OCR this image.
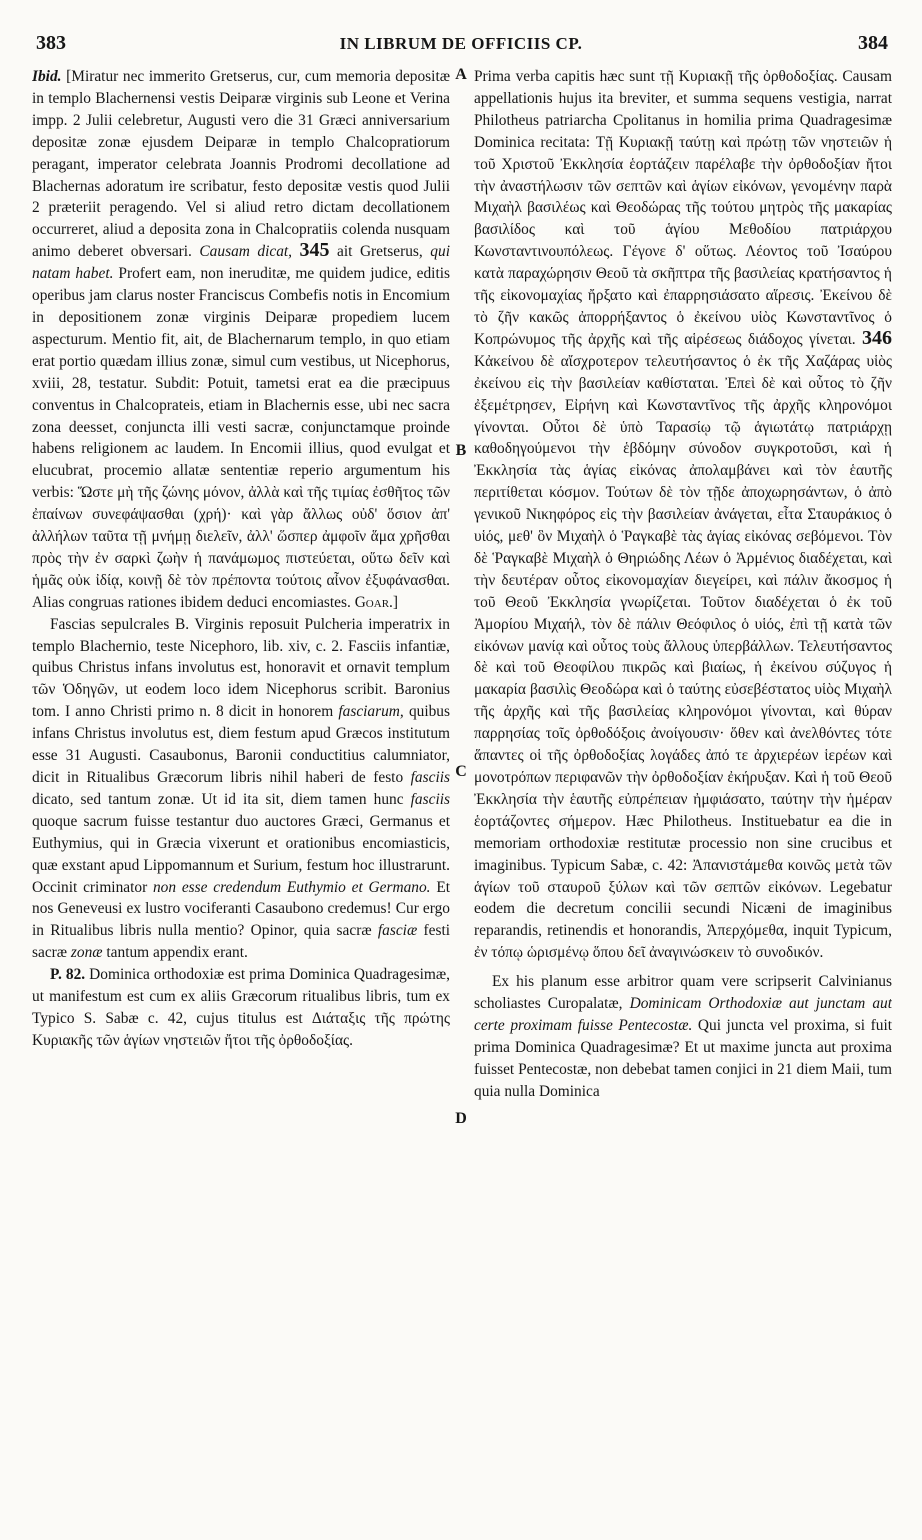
383	IN LIBRUM DE OFFICIIS CP.	384

Ibid. [Miratur nec immerito Gretserus, cur, cum memoria depositæ in templo Blachernensi vestis Deiparæ virginis sub Leone et Verina impp. 2 Julii celebretur, Augusti vero die 31 Græci anniversarium depositæ zonæ ejusdem Deiparæ in templo Chalcopratiorum peragant, imperator celebrata Joannis Prodromi decollatione ad Blachernas adoratum ire scribatur, festo depositæ vestis quod Julii 2 præteriit peragendo. Vel si aliud retro dictam decollationem occurreret, aliud a deposita zona in Chalcopratiis colenda nusquam animo deberet obversari. Causam dicat, 345 ait Gretserus, qui natam habet. Profert eam, non ineruditæ, me quidem judice, editis operibus jam clarus noster Franciscus Combefis notis in Encomium in depositionem zonæ virginis Deiparæ propediem lucem aspecturum. Mentio fit, ait, de Blachernarum templo, in quo etiam erat portio quædam illius zonæ, simul cum vestibus, ut Nicephorus, xviii, 28, testatur. Subdit: Potuit, tametsi erat ea die præcipuus conventus in Chalcoprateis, etiam in Blachernis esse, ubi nec sacra zona deesset, conjuncta illi vesti sacræ, conjunctamque proinde habens religionem ac laudem. In Encomii illius, quod evulgat et elucubrat, procemio allatæ sententiæ reperio argumentum his verbis: Ὥστε μὴ τῆς ζώνης μόνον, ἀλλὰ καὶ τῆς τιμίας ἐσθῆτος τῶν ἐπαίνων συνεφάψασθαι (χρή)· καὶ γὰρ ἄλλως οὐδ' ὅσιον ἀπ' ἀλλήλων ταῦτα τῇ μνήμῃ διελεῖν, ἀλλ' ὥσπερ ἀμφοῖν ἅμα χρῆσθαι πρὸς τὴν ἐν σαρκὶ ζωὴν ἡ πανάμωμος πιστεύεται, οὕτω δεῖν καὶ ἡμᾶς οὐκ ἰδίᾳ, κοινῇ δὲ τὸν πρέποντα τούτοις αἶνον ἐξυφάνασθαι. Alias congruas rationes ibidem deduci encomiastes. Goar.]

Fascias sepulcrales B. Virginis reposuit Pulcheria imperatrix in templo Blachernio, teste Nicephoro, lib. xiv, c. 2. Fasciis infantiæ, quibus Christus infans involutus est, honoravit et ornavit templum τῶν Ὁδηγῶν, ut eodem loco idem Nicephorus scribit. Baronius tom. I anno Christi primo n. 8 dicit in honorem fasciarum, quibus infans Christus involutus est, diem festum apud Græcos institutum esse 31 Augusti. Casaubonus, Baronii conductitius calumniator, dicit in Ritualibus Græcorum libris nihil haberi de festo fasciis dicato, sed tantum zonæ. Ut id ita sit, diem tamen hunc fasciis quoque sacrum fuisse testantur duo auctores Græci, Germanus et Euthymius, qui in Græcia vixerunt et orationibus encomiasticis, quæ exstant apud Lippomannum et Surium, festum hoc illustrarunt. Occinit criminator non esse credendum Euthymio et Germano. Et nos Geneveusi ex lustro vociferanti Casaubono credemus! Cur ergo in Ritualibus libris nulla mentio? Opinor, quia sacræ fasciæ festi sacræ zonæ tantum appendix erant.

P. 82. Dominica orthodoxiæ est prima Dominica Quadragesimæ, ut manifestum est cum ex aliis Græcorum ritualibus libris, tum ex Typico S. Sabæ c. 42, cujus titulus est Διάταξις τῆς πρώτης Κυριακῆς τῶν ἁγίων νηστειῶν ἤτοι τῆς ὀρθοδοξίας.

A
B
C
D

Prima verba capitis hæc sunt τῇ Κυριακῇ τῆς ὀρθοδοξίας. Causam appellationis hujus ita breviter, et summa sequens vestigia, narrat Philotheus patriarcha Cpolitanus in homilia prima Quadragesimæ Dominica recitata: Τῇ Κυριακῇ ταύτῃ καὶ πρώτῃ τῶν νηστειῶν ἡ τοῦ Χριστοῦ Ἐκκλησία ἑορτάζειν παρέλαβε τὴν ὀρθοδοξίαν ἤτοι τὴν ἀναστήλωσιν τῶν σεπτῶν καὶ ἁγίων εἰκόνων, γενομένην παρὰ Μιχαὴλ βασιλέως καὶ Θεοδώρας τῆς τούτου μητρὸς τῆς μακαρίας βασιλίδος καὶ τοῦ ἁγίου Μεθοδίου πατριάρχου Κωνσταντινουπόλεως. Γέγονε δ' οὕτως. Λέοντος τοῦ Ἰσαύρου κατὰ παραχώρησιν Θεοῦ τὰ σκῆπτρα τῆς βασιλείας κρατήσαντος ἡ τῆς εἰκονομαχίας ἤρξατο καὶ ἐπαρρησιάσατο αἵρεσις. Ἐκείνου δὲ τὸ ζῆν κακῶς ἀπορρήξαντος ὁ ἐκείνου υἱὸς Κωνσταντῖνος ὁ Κοπρώνυμος τῆς ἀρχῆς καὶ τῆς αἱρέσεως διάδοχος γίνεται. 346 Κἀκείνου δὲ αἴσχροτερον τελευτήσαντος ὁ ἐκ τῆς Χαζάρας υἱὸς ἐκείνου εἰς τὴν βασιλείαν καθίσταται. Ἐπεὶ δὲ καὶ οὗτος τὸ ζῆν ἐξεμέτρησεν, Εἰρήνη καὶ Κωνσταντῖνος τῆς ἀρχῆς κληρονόμοι γίνονται. Οὗτοι δὲ ὑπὸ Ταρασίῳ τῷ ἁγιωτάτῳ πατριάρχῃ καθοδηγούμενοι τὴν ἑβδόμην σύνοδον συγκροτοῦσι, καὶ ἡ Ἐκκλησία τὰς ἁγίας εἰκόνας ἀπολαμβάνει καὶ τὸν ἑαυτῆς περιτίθεται κόσμον. Τούτων δὲ τὸν τῇδε ἀποχωρησάντων, ὁ ἀπὸ γενικοῦ Νικηφόρος εἰς τὴν βασιλείαν ἀνάγεται, εἶτα Σταυράκιος ὁ υἱός, μεθ' ὃν Μιχαὴλ ὁ Ῥαγκαβὲ τὰς ἁγίας εἰκόνας σεβόμενοι. Τὸν δὲ Ῥαγκαβὲ Μιχαὴλ ὁ Θηριώδης Λέων ὁ Ἀρμένιος διαδέχεται, καὶ τὴν δευτέραν οὗτος εἰκονομαχίαν διεγείρει, καὶ πάλιν ἄκοσμος ἡ τοῦ Θεοῦ Ἐκκλησία γνωρίζεται. Τοῦτον διαδέχεται ὁ ἐκ τοῦ Ἀμορίου Μιχαήλ, τὸν δὲ πάλιν Θεόφιλος ὁ υἱός, ἐπὶ τῇ κατὰ τῶν εἰκόνων μανίᾳ καὶ οὗτος τοὺς ἄλλους ὑπερβάλλων. Τελευτήσαντος δὲ καὶ τοῦ Θεοφίλου πικρῶς καὶ βιαίως, ἡ ἐκείνου σύζυγος ἡ μακαρία βασιλὶς Θεοδώρα καὶ ὁ ταύτης εὐσεβέστατος υἱὸς Μιχαὴλ τῆς ἀρχῆς καὶ τῆς βασιλείας κληρονόμοι γίνονται, καὶ θύραν παρρησίας τοῖς ὀρθοδόξοις ἀνοίγουσιν· ὅθεν καὶ ἀνελθόντες τότε ἅπαντες οἱ τῆς ὀρθοδοξίας λογάδες ἀπό τε ἀρχιερέων ἱερέων καὶ μονοτρόπων περιφανῶν τὴν ὀρθοδοξίαν ἐκήρυξαν. Καὶ ἡ τοῦ Θεοῦ Ἐκκλησία τὴν ἑαυτῆς εὐπρέπειαν ἠμφιάσατο, ταύτην τὴν ἡμέραν ἑορτάζοντες σήμερον. Hæc Philotheus. Instituebatur ea die in memoriam orthodoxiæ restitutæ processio non sine crucibus et imaginibus. Typicum Sabæ, c. 42: Ἀπανιστάμεθα κοινῶς μετὰ τῶν ἁγίων τοῦ σταυροῦ ξύλων καὶ τῶν σεπτῶν εἰκόνων. Legebatur eodem die decretum concilii secundi Nicæni de imaginibus reparandis, retinendis et honorandis, Ἀπερχόμεθα, inquit Typicum, ἐν τόπῳ ὡρισμένῳ ὅπου δεῖ ἀναγινώσκειν τὸ συνοδικόν.

Ex his planum esse arbitror quam vere scripserit Calvinianus scholiastes Curopalatæ, Dominicam Orthodoxiæ aut junctam aut certe proximam fuisse Pentecostæ. Qui juncta vel proxima, si fuit prima Dominica Quadragesimæ? Et ut maxime juncta aut proxima fuisset Pentecostæ, non debebat tamen conjici in 21 diem Maii, tum quia nulla Dominica
